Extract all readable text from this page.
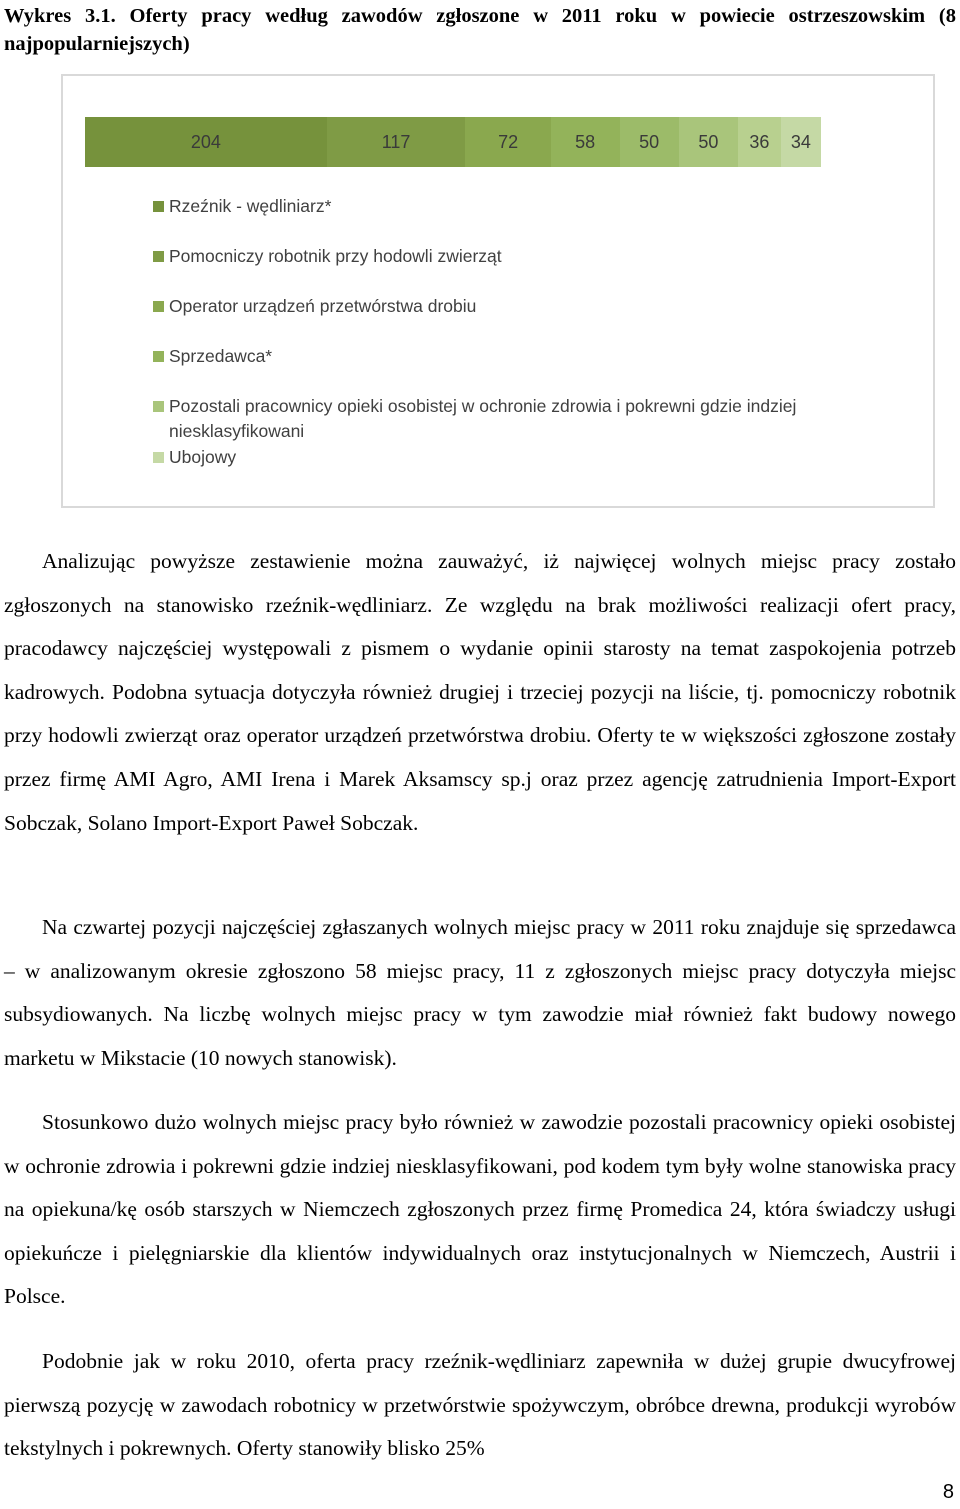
Wykres 3.1. Oferty pracy według zawodów zgłoszone w 2011 roku w powiecie ostrzeszowskim (8 najpopularniejszych)

204	117	72	58 50 50 36 34
Rzeźnik - wędliniarz*
Pomocniczy robotnik przy hodowli zwierząt
Operator urządzeń przetwórstwa drobiu
Sprzedawca*
Pozostali pracownicy opieki osobistej w ochronie zdrowia i pokrewni gdzie indziej niesklasyfikowani
Ubojowy

Analizując powyższe zestawienie można zauważyć, iż najwięcej wolnych miejsc pracy zostało zgłoszonych na stanowisko rzeźnik-wędliniarz. Ze względu na brak możliwości realizacji ofert pracy, pracodawcy najczęściej występowali z pismem o wydanie opinii starosty na temat zaspokojenia potrzeb kadrowych. Podobna sytuacja dotyczyła również drugiej i trzeciej pozycji na liście, tj. pomocniczy robotnik przy hodowli zwierząt oraz operator urządzeń przetwórstwa drobiu. Oferty te w większości zgłoszone zostały przez firmę AMI Agro, AMI Irena i Marek Aksamscy sp.j oraz przez agencję zatrudnienia Import-Export Sobczak, Solano Import-Export Paweł Sobczak.

Na czwartej pozycji najczęściej zgłaszanych wolnych miejsc pracy w 2011 roku znajduje się sprzedawca – w analizowanym okresie zgłoszono 58 miejsc pracy, 11 z zgłoszonych miejsc pracy dotyczyła miejsc subsydiowanych. Na liczbę wolnych miejsc pracy w tym zawodzie miał również fakt budowy nowego marketu w Mikstacie (10 nowych stanowisk).

Stosunkowo dużo wolnych miejsc pracy było również w zawodzie pozostali pracownicy opieki osobistej w ochronie zdrowia i pokrewni gdzie indziej niesklasyfikowani, pod kodem tym były wolne stanowiska pracy na opiekuna/kę osób starszych w Niemczech zgłoszonych przez firmę Promedica 24, która świadczy usługi opiekuńcze i pielęgniarskie dla klientów indywidualnych oraz instytucjonalnych w Niemczech, Austrii i Polsce.

Podobnie jak w roku 2010, oferta pracy rzeźnik-wędliniarz zapewniła w dużej grupie dwucyfrowej pierwszą pozycję w zawodach robotnicy w przetwórstwie spożywczym, obróbce drewna, produkcji wyrobów tekstylnych i pokrewnych. Oferty stanowiły blisko 25%

8
